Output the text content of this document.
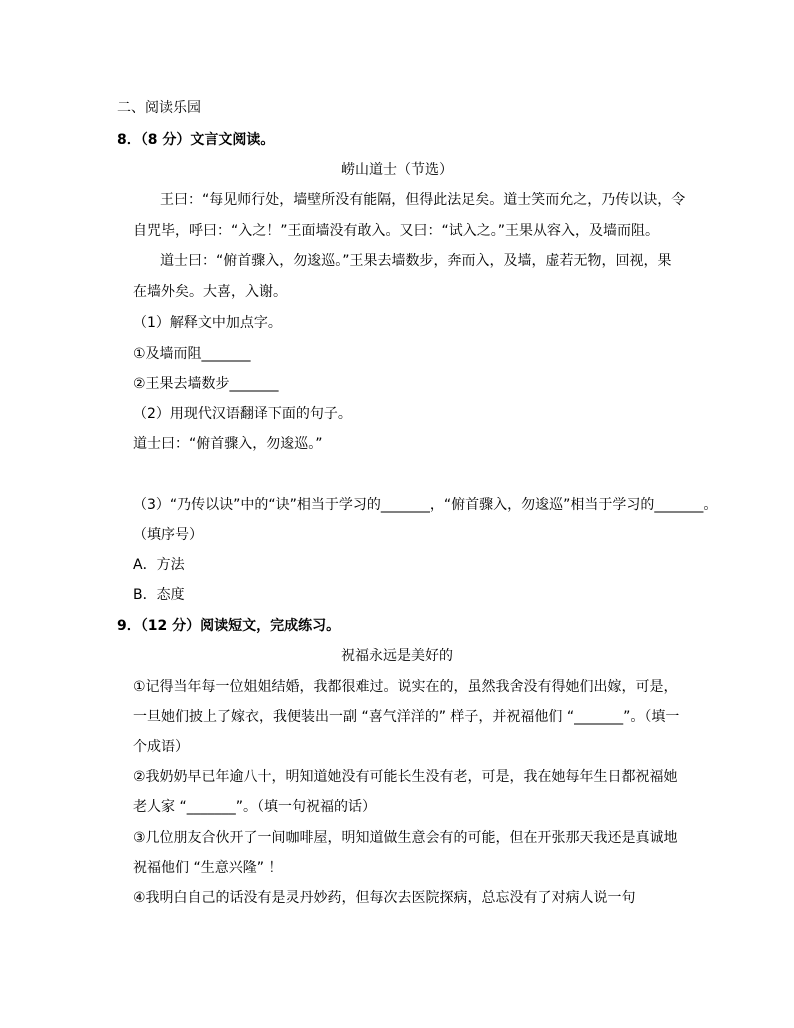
二、阅读乐园
8．（8 分）文言文阅读。
崂山道士（节选）
王曰：“每见师行处，墙壁所没有能隔，但得此法足矣。道士笑而允之，乃传以诀，令
自咒毕，呼曰：“入之！”王面墙没有敢入。又曰：“试入之。”王果从容入，及墙而阻。
道士曰：“俯首骤入，勿逡巡。”王果去墙数步，奔而入，及墙，虚若无物，回视，果
在墙外矣。大喜，入谢。
（1）解释文中加点字。
①及墙而阻_______
②王果去墙数步_______
（2）用现代汉语翻译下面的句子。
道士曰：“俯首骤入，勿逡巡。”
（3）“乃传以诀”中的“诀”相当于学习的_______，“俯首骤入，勿逡巡”相当于学习的_______。
（填序号）
A．方法
B．态度
9．（12 分）阅读短文，完成练习。
祝福永远是美好的
①记得当年每一位姐姐结婚，我都很难过。说实在的，虽然我舍没有得她们出嫁，可是，
一旦她们披上了嫁衣，我便装出一副 “喜气洋洋的” 样子，并祝福他们 “_______”。（填一
个成语）
②我奶奶早已年逾八十，明知道她没有可能长生没有老，可是，我在她每年生日都祝福她
老人家 “_______”。（填一句祝福的话）
③几位朋友合伙开了一间咖啡屋，明知道做生意会有的可能，但在开张那天我还是真诚地
祝福他们 “生意兴隆” ！
④我明白自己的话没有是灵丹妙药，但每次去医院探病，总忘没有了对病人说一句
